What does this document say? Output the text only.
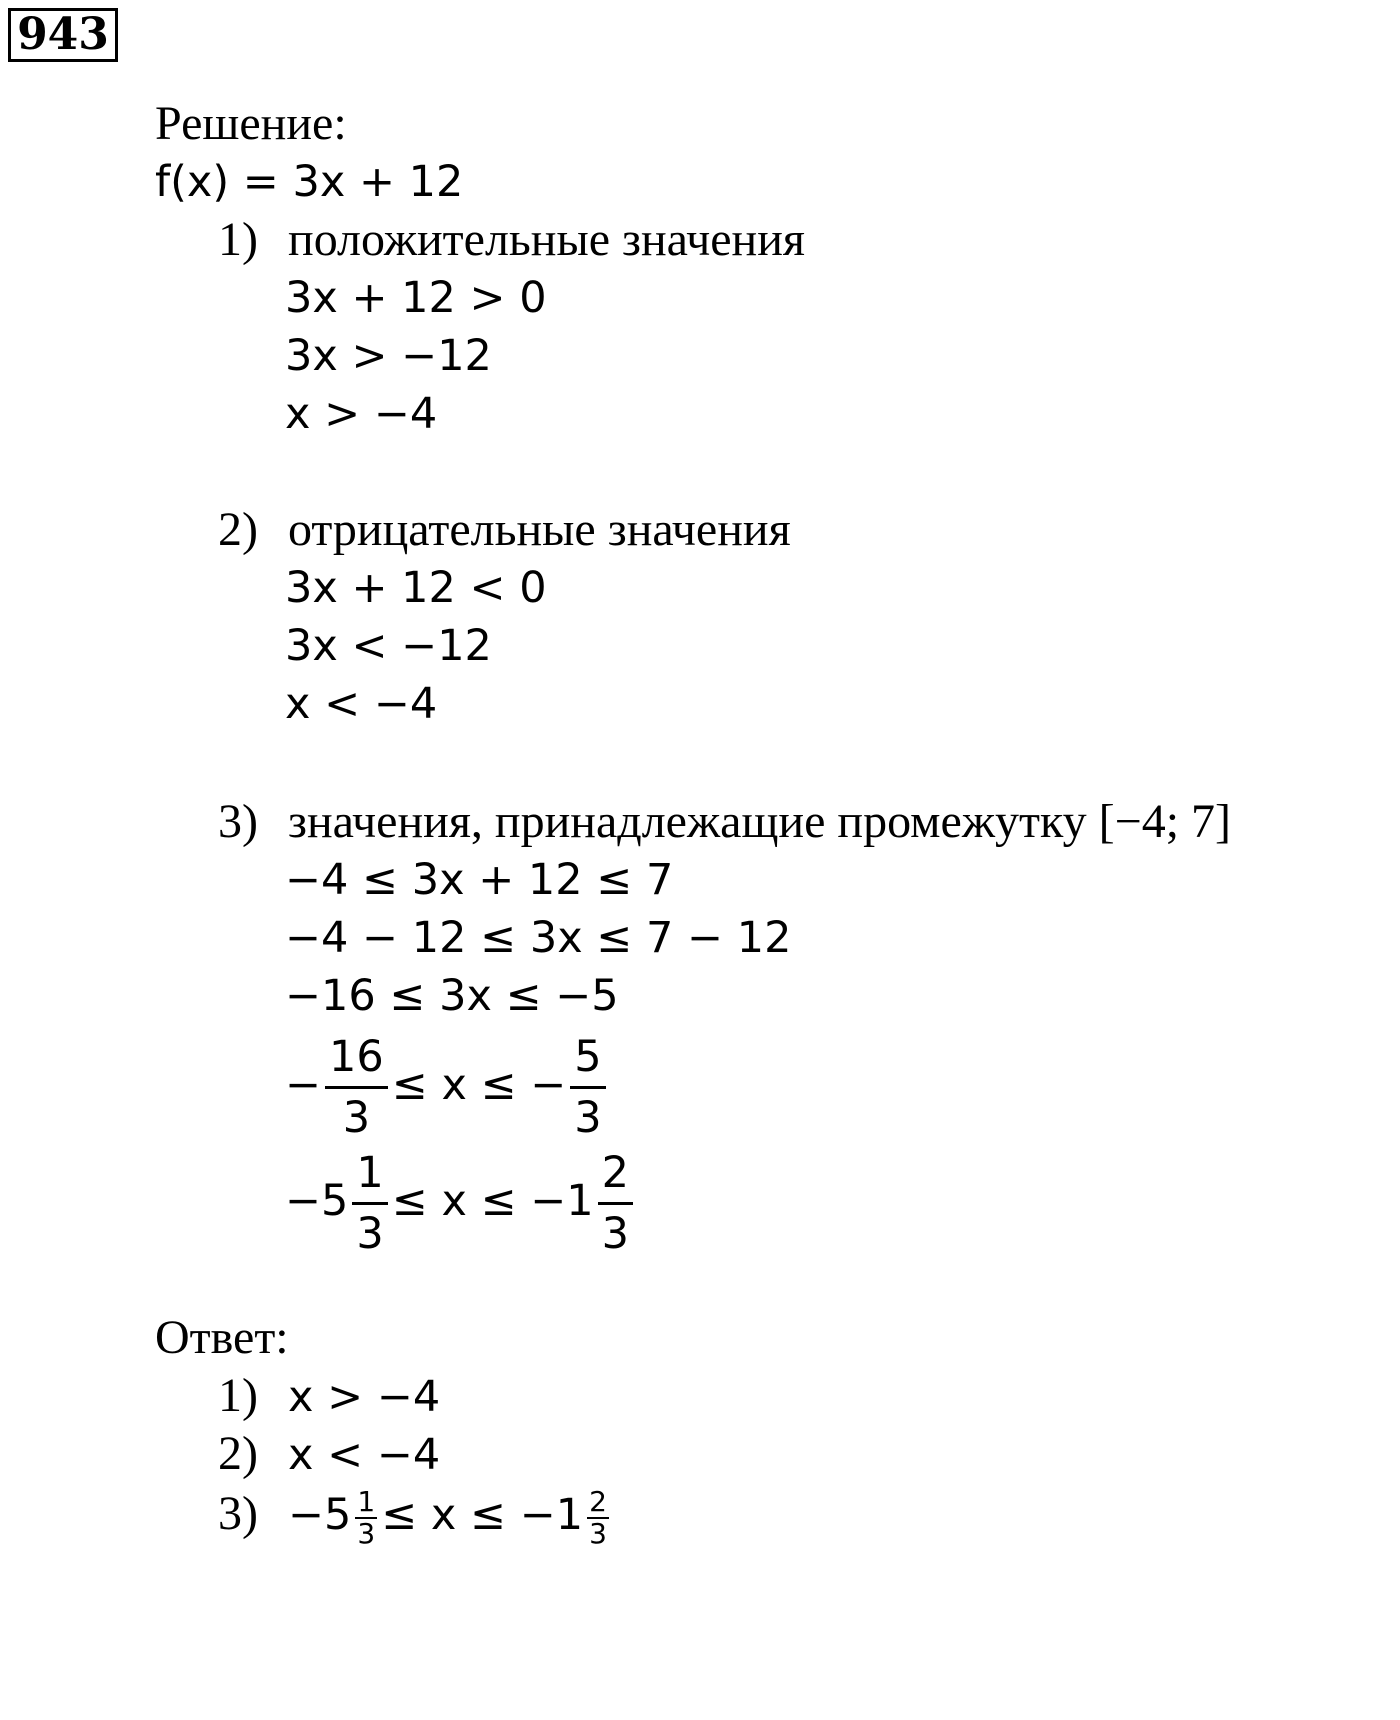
943
Решение:
f(x) = 3x + 12
1) положительные значения
3x + 12 > 0
3x > −12
x > −4
2) отрицательные значения
3x + 12 < 0
3x < −12
x < −4
3) значения, принадлежащие промежутку [−4; 7]
−4 ≤ 3x + 12 ≤ 7
−4 − 12 ≤ 3x ≤ 7 − 12
−16 ≤ 3x ≤ −5
− $\frac{16}{3} \le x$ ≤ − $\frac{5}{3}$
$-5 \frac{1}{3} \le x \le -1 \frac{2}{3}$
Ответ:
1) x > −4
2) x < −4
$3) -5 \frac{1}{3} \le x \le -1 \frac{2}{3}$
